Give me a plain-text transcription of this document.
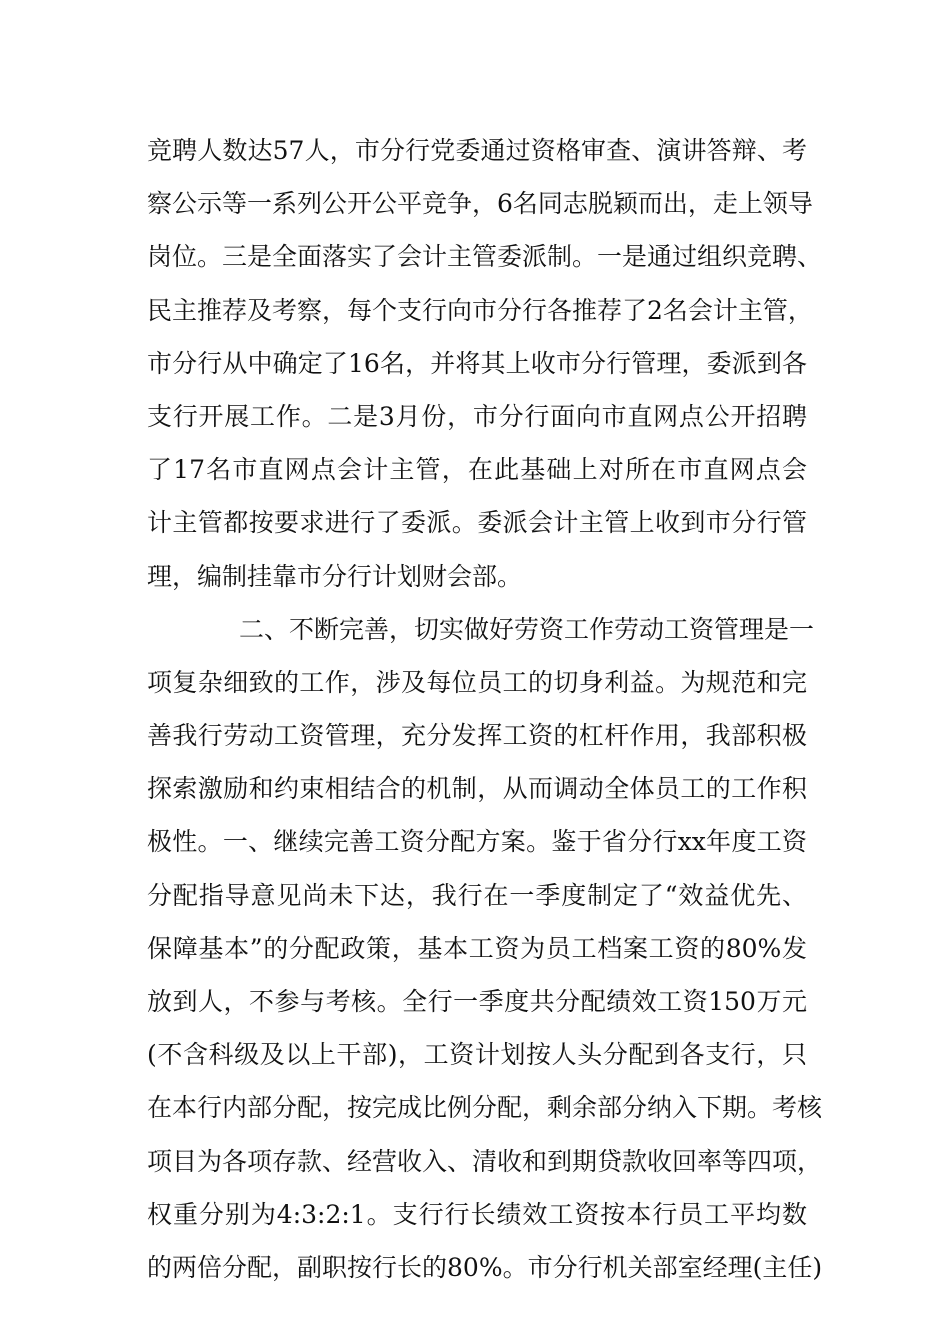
竞聘人数达57人，市分行党委通过资格审查、演讲答辩、考
察公示等一系列公开公平竞争，6名同志脱颖而出，走上领导
岗位。三是全面落实了会计主管委派制。一是通过组织竞聘、
民主推荐及考察，每个支行向市分行各推荐了2名会计主管，
市分行从中确定了16名，并将其上收市分行管理，委派到各
支行开展工作。二是3月份，市分行面向市直网点公开招聘
了17名市直网点会计主管，在此基础上对所在市直网点会
计主管都按要求进行了委派。委派会计主管上收到市分行管
理，编制挂靠市分行计划财会部。
二、不断完善，切实做好劳资工作劳动工资管理是一
项复杂细致的工作，涉及每位员工的切身利益。为规范和完
善我行劳动工资管理，充分发挥工资的杠杆作用，我部积极
探索激励和约束相结合的机制，从而调动全体员工的工作积
极性。一、继续完善工资分配方案。鉴于省分行xx年度工资
分配指导意见尚未下达，我行在一季度制定了“效益优先、
保障基本”的分配政策，基本工资为员工档案工资的80%发
放到人，不参与考核。全行一季度共分配绩效工资150万元
(不含科级及以上干部)，工资计划按人头分配到各支行，只
在本行内部分配，按完成比例分配，剩余部分纳入下期。考核
项目为各项存款、经营收入、清收和到期贷款收回率等四项，
权重分别为4:3:2:1。支行行长绩效工资按本行员工平均数
的两倍分配，副职按行长的80%。市分行机关部室经理(主任)
